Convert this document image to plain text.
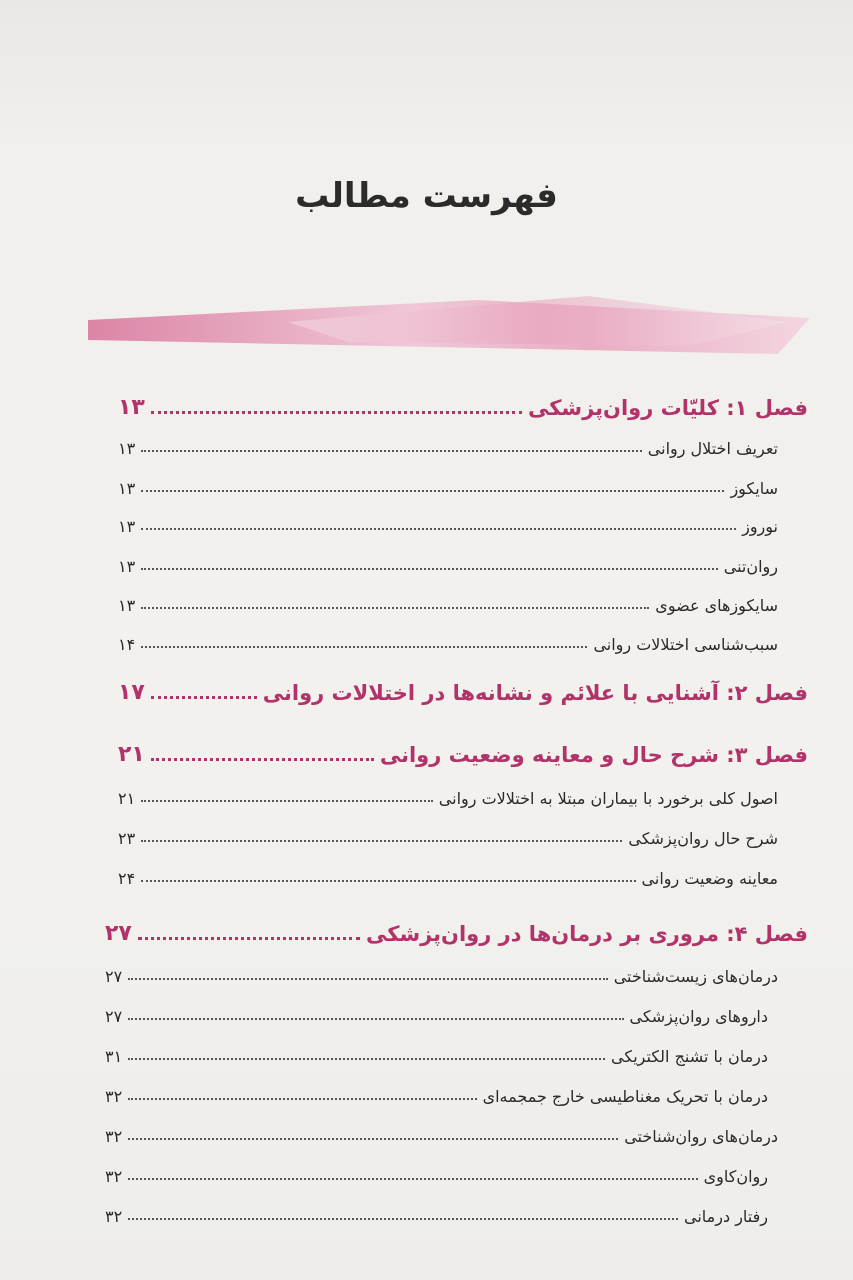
فهرست مطالب
فصل ۱: کلیّات روان‌پزشکی
۱۳
تعریف اختلال روانی
۱۳
سایکوز
۱۳
نوروز
۱۳
روان‌تنی
۱۳
سایکوزهای عضوی
۱۳
سبب‌شناسی اختلالات روانی
۱۴
فصل ۲: آشنایی با علائم و نشانه‌ها در اختلالات روانی
۱۷
فصل ۳: شرح حال و معاینه وضعیت روانی
۲۱
اصول کلی برخورد با بیماران مبتلا به اختلالات روانی
۲۱
شرح حال روان‌پزشکی
۲۳
معاینه وضعیت روانی
۲۴
فصل ۴: مروری بر درمان‌ها در روان‌پزشکی
۲۷
درمان‌های زیست‌شناختی
۲۷
داروهای روان‌پزشکی
۲۷
درمان با تشنج الکتریکی
۳۱
درمان با تحریک مغناطیسی خارج جمجمه‌ای
۳۲
درمان‌های روان‌شناختی
۳۲
روان‌کاوی
۳۲
رفتار درمانی
۳۲
